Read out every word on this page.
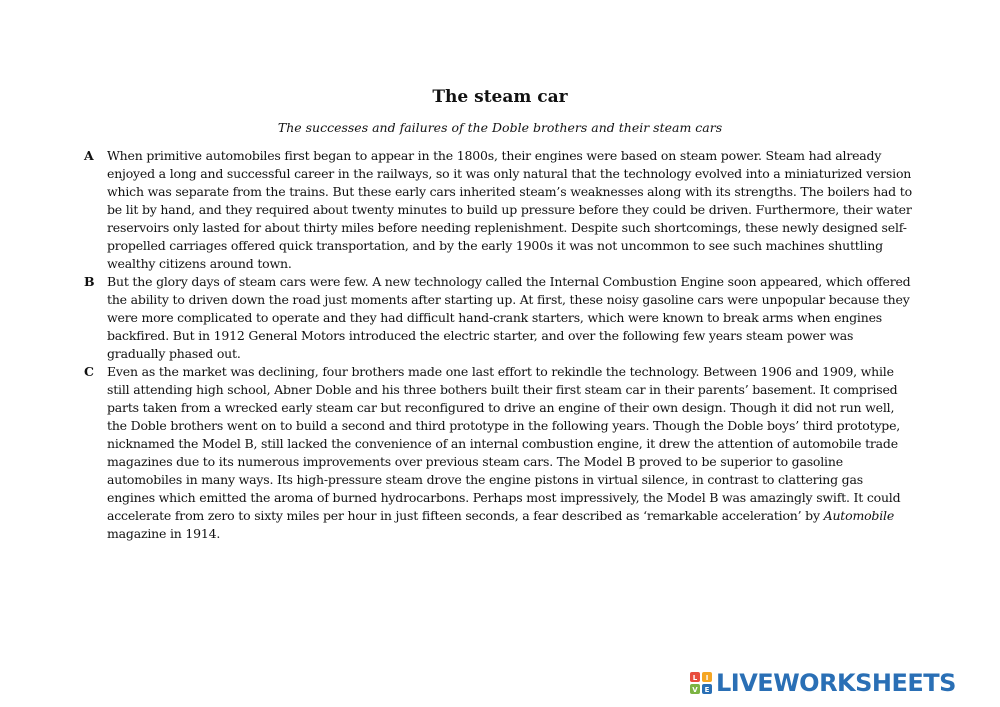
The steam car
The successes and failures of the Doble brothers and their steam cars
A	When primitive automobiles first began to appear in the 1800s, their engines were based on steam power. Steam had already enjoyed a long and successful career in the railways, so it was only natural that the technology evolved into a miniaturized version which was separate from the trains. But these early cars inherited steam’s weaknesses along with its strengths. The boilers had to be lit by hand, and they required about twenty minutes to build up pressure before they could be driven. Furthermore, their water reservoirs only lasted for about thirty miles before needing replenishment. Despite such shortcomings, these newly designed self-propelled carriages offered quick transportation, and by the early 1900s it was not uncommon to see such machines shuttling wealthy citizens around town.

B But the glory days of steam cars were few. A new technology called the Internal Combustion Engine soon appeared, which offered the ability to driven down the road just moments after starting up. At first, these noisy gasoline cars were unpopular because they were more complicated to operate and they had difficult hand-crank starters, which were known to break arms when engines backfired. But in 1912 General Motors introduced the electric starter, and over the following few years steam power was gradually phased out.

C	Even as the market was declining, four brothers made one last effort to rekindle the technology. Between 1906 and 1909, while still attending high school, Abner Doble and his three bothers built their first steam car in their parents’ basement. It comprised parts taken from a wrecked early steam car but reconfigured to drive an engine of their own design. Though it did not run well, the Doble brothers went on to build a second and third prototype in the following years. Though the Doble boys’ third prototype, nicknamed the Model B, still lacked the convenience of an internal combustion engine, it drew the attention of automobile trade magazines due to its numerous improvements over previous steam cars. The Model B proved to be superior to gasoline automobiles in many ways. Its high-pressure steam drove the engine pistons in virtual silence, in contrast to clattering gas engines which emitted the aroma of burned hydrocarbons. Perhaps most impressively, the Model B was amazingly swift. It could accelerate from zero to sixty miles per hour in just fifteen seconds, a fear described as ‘remarkable acceleration’ by Automobile magazine in 1914.

L I
V E LIVEWORKSHEETS
